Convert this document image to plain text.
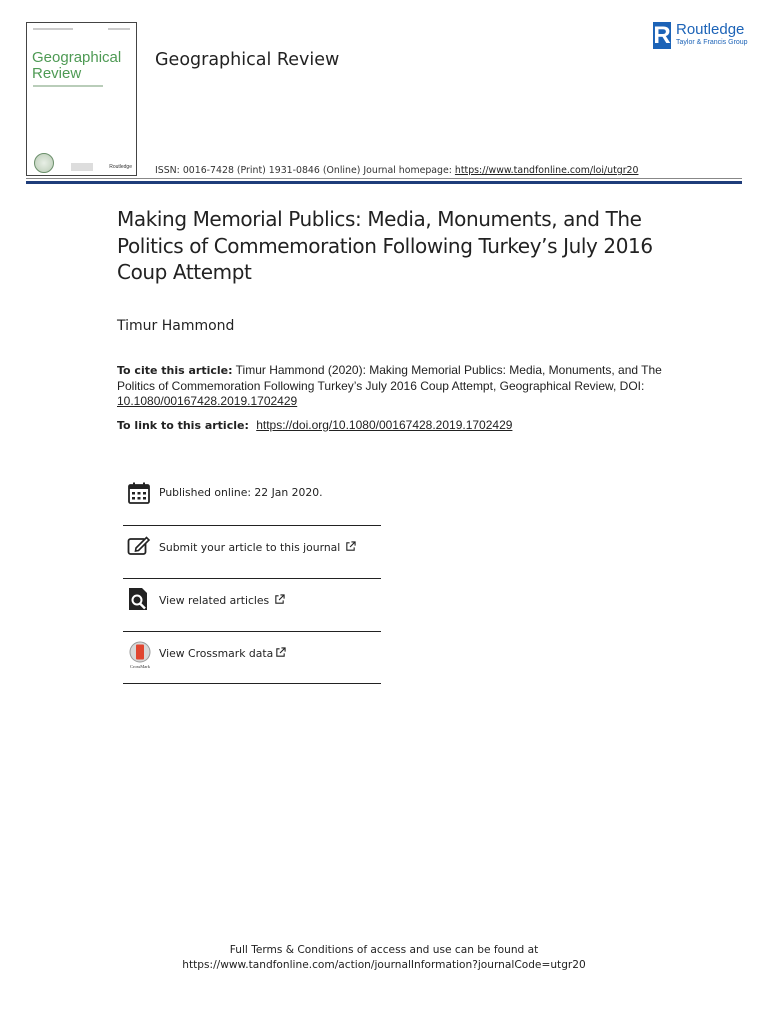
Geographical
Review
Routledge
Geographical Review
R Routledge
Taylor & Francis Group
ISSN: 0016-7428 (Print) 1931-0846 (Online) Journal homepage: https://www.tandfonline.com/loi/utgr20
Making Memorial Publics: Media, Monuments, and The Politics of Commemoration Following Turkey’s July 2016 Coup Attempt
Timur Hammond
To cite this article: Timur Hammond (2020): Making Memorial Publics: Media, Monuments, and The Politics of Commemoration Following Turkey’s July 2016 Coup Attempt, Geographical Review, DOI: 10.1080/00167428.2019.1702429
To link to this article: https://doi.org/10.1080/00167428.2019.1702429
Published online: 22 Jan 2020.
Submit your article to this journal
View related articles
CrossMark
View Crossmark data
Full Terms & Conditions of access and use can be found at
https://www.tandfonline.com/action/journalInformation?journalCode=utgr20
